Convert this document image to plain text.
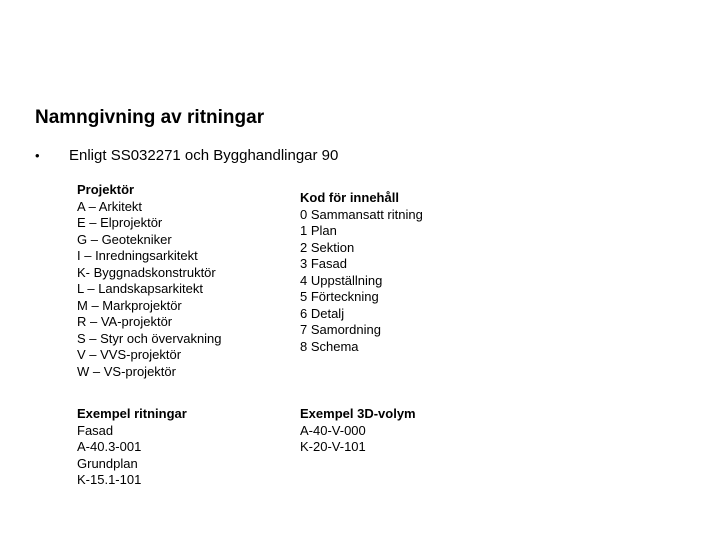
Namngivning av ritningar
•	Enligt SS032271 och Bygghandlingar 90
Projektör
A – Arkitekt
E – Elprojektör
G – Geotekniker
I – Inredningsarkitekt
K- Byggnadskonstruktör
L – Landskapsarkitekt
M – Markprojektör
R – VA-projektör
S – Styr och övervakning
V – VVS-projektör
W – VS-projektör
Kod för innehåll
0 Sammansatt ritning
1 Plan
2 Sektion
3 Fasad
4 Uppställning
5 Förteckning
6 Detalj
7 Samordning
8 Schema
Exempel ritningar
Fasad
A-40.3-001
Grundplan
K-15.1-101
Exempel 3D-volym
A-40-V-000
K-20-V-101
